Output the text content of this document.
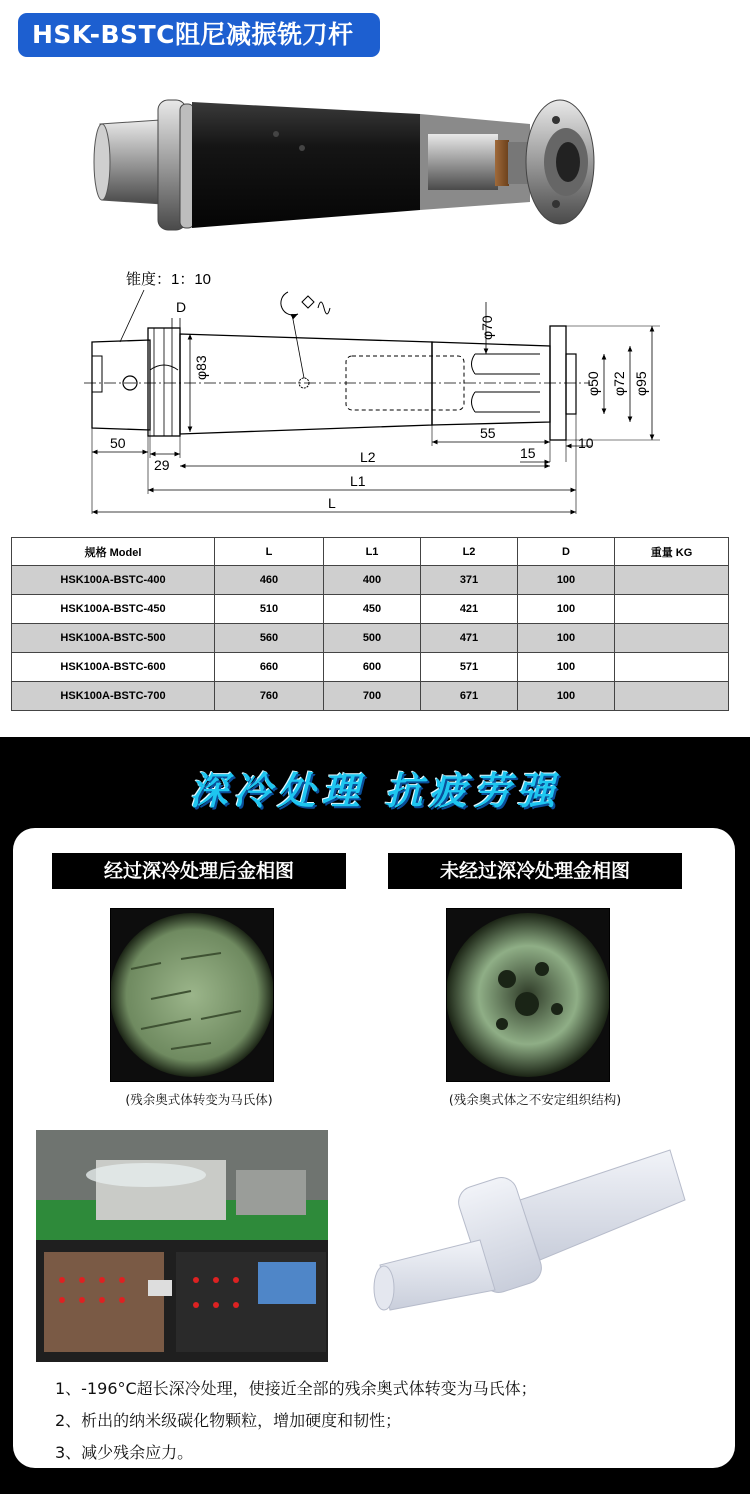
HSK-BSTC阻尼减振铣刀杆
锥度：1：10
D
φ83
φ70
φ50 φ72 φ95
50
29
55
15
10
L2
L1
L
规格 Model	L	L1	L2	D	重量 KG
HSK100A-BSTC-400	460	400	371	100	
HSK100A-BSTC-450	510	450	421	100	
HSK100A-BSTC-500	560	500	471	100	
HSK100A-BSTC-600	660	600	571	100	
HSK100A-BSTC-700	760	700	671	100	
深冷处理 抗疲劳强
经过深冷处理后金相图
(残余奥式体转变为马氏体)
未经过深冷处理金相图
(残余奥式体之不安定组织结构)
1、-196°C超长深冷处理，使接近全部的残余奥式体转变为马氏体；
2、析出的纳米级碳化物颗粒，增加硬度和韧性；
3、减少残余应力。
